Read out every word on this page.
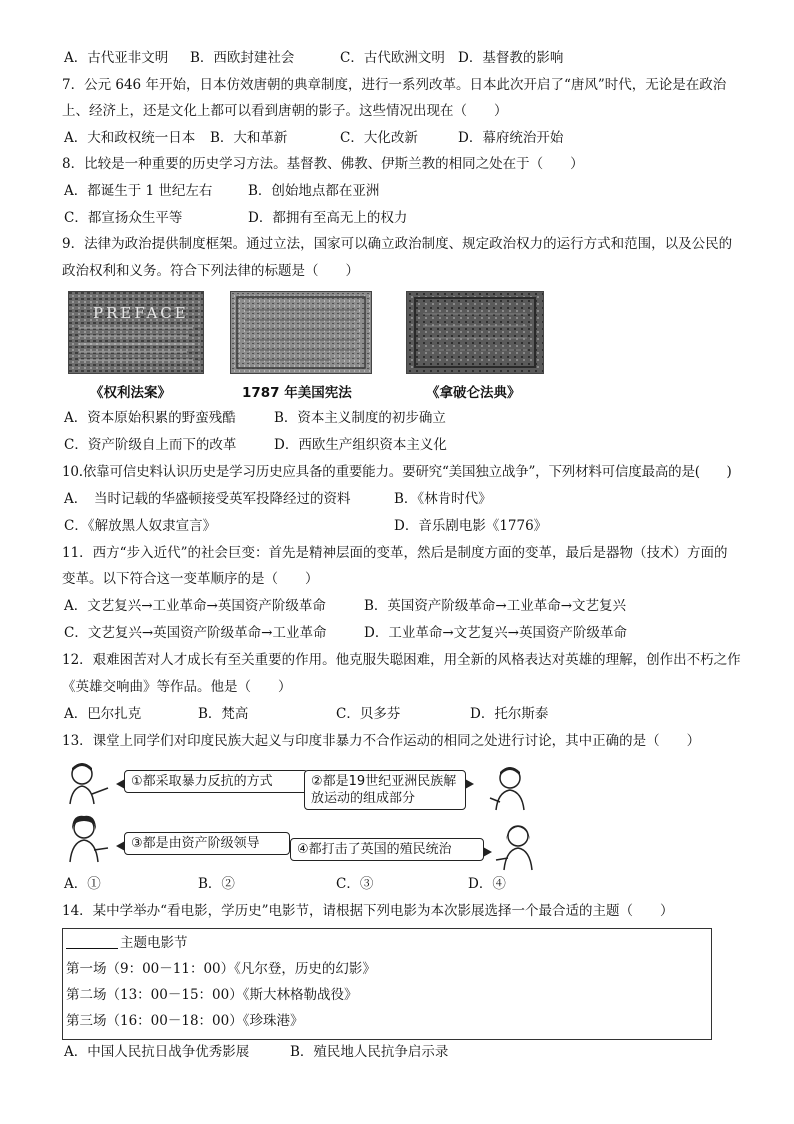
A．古代亚非文明 B．西欧封建社会	C．古代欧洲文明 D．基督教的影响
7．公元 646 年开始，日本仿效唐朝的典章制度，进行一系列改革。日本此次开启了“唐风”时代，无论是在政治
上、经济上，还是文化上都可以看到唐朝的影子。这些情况出现在（　　）
A．大和政权统一日本 B．大和革新	C．大化改新	D．幕府统治开始
8．比较是一种重要的历史学习方法。基督教、佛教、伊斯兰教的相同之处在于（　　）
A．都诞生于 1 世纪左右	B．创始地点都在亚洲
C．都宣扬众生平等	D．都拥有至高无上的权力
9．法律为政治提供制度框架。通过立法，国家可以确立政治制度、规定政治权力的运行方式和范围，以及公民的
政治权利和义务。符合下列法律的标题是（　　）
PREFACE
《权利法案》	1787 年美国宪法	《拿破仑法典》
A．资本原始积累的野蛮残酷	B．资本主义制度的初步确立
C．资产阶级自上而下的改革	D．西欧生产组织资本主义化
10.依靠可信史料认识历史是学习历史应具备的重要能力。要研究“美国独立战争”，下列材料可信度最高的是(　　)
A．　当时记载的华盛顿接受英军投降经过的资料	B．《林肯时代》
C．《解放黑人奴隶宣言》	D．音乐剧电影《1776》
11．西方“步入近代”的社会巨变：首先是精神层面的变革，然后是制度方面的变革，最后是器物（技术）方面的
变革。以下符合这一变革顺序的是（　　）
A．文艺复兴→工业革命→英国资产阶级革命	B．英国资产阶级革命→工业革命→文艺复兴
C．文艺复兴→英国资产阶级革命→工业革命	D．工业革命→文艺复兴→英国资产阶级革命
12．艰难困苦对人才成长有至关重要的作用。他克服失聪困难，用全新的风格表达对英雄的理解，创作出不朽之作
《英雄交响曲》等作品。他是（　　）
A．巴尔扎克	B．梵高	C．贝多芬	D．托尔斯泰
13．课堂上同学们对印度民族大起义与印度非暴力不合作运动的相同之处进行讨论，其中正确的是（　　）
①都采取暴力反抗的方式	②都是19世纪亚洲民族解放运动的组成部分
③都是由资产阶级领导	④都打击了英国的殖民统治
A．①	B．②	C．③	D．④
14．某中学举办“看电影，学历史”电影节，请根据下列电影为本次影展选择一个最合适的主题（　　）
主题电影节
第一场（9：00－11：00）《凡尔登，历史的幻影》
第二场（13：00－15：00）《斯大林格勒战役》
第三场（16：00－18：00）《珍珠港》
A．中国人民抗日战争优秀影展	B．殖民地人民抗争启示录
